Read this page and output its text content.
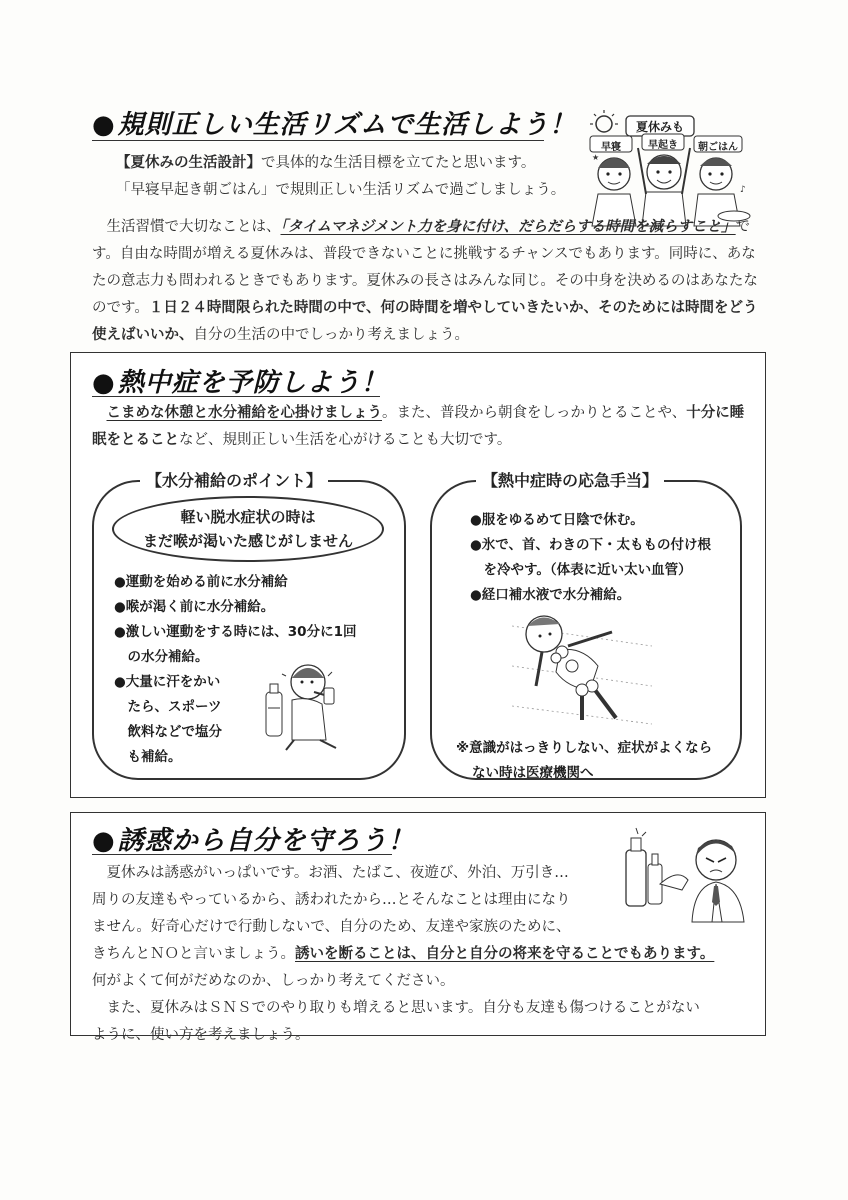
●規則正しい生活リズムで生活しよう！

【夏休みの生活設計】で具体的な生活目標を立てたと思います。

「早寝早起き朝ごはん」で規則正しい生活リズムで過ごしましょう。

★
♪
夏休みも
早寝	早起き	朝ごはん

生活習慣で大切なことは、「タイムマネジメント力を身に付け、だらだらする時間を減らすこと」です。自由な時間が増える夏休みは、普段できないことに挑戦するチャンスでもあります。同時に、あなたの意志力も問われるときでもあります。夏休みの長さはみんな同じ。その中身を決めるのはあなたなのです。１日２４時間限られた時間の中で、何の時間を増やしていきたいか、そのためには時間をどう使えばいいか、自分の生活の中でしっかり考えましょう。

●熱中症を予防しよう！

こまめな休憩と水分補給を心掛けましょう。また、普段から朝食をしっかりとることや、十分に睡眠をとることなど、規則正しい生活を心がけることも大切です。

【水分補給のポイント】
軽い脱水症状の時は
まだ喉が渇いた感じがしません
●運動を始める前に水分補給
●喉が渇く前に水分補給。
●激しい運動をする時には、30分に1回
　の水分補給。
●大量に汗をかい
　たら、スポーツ
　飲料などで塩分
　も補給。
【熱中症時の応急手当】
●服をゆるめて日陰で休む。
●氷で、首、わきの下・太ももの付け根
　を冷やす。（体表に近い太い血管）
●経口補水液で水分補給。
※意識がはっきりしない、症状がよくなら
ない時は医療機関へ
●誘惑から自分を守ろう！

夏休みは誘惑がいっぱいです。お酒、たばこ、夜遊び、外泊、万引き…

周りの友達もやっているから、誘われたから…とそんなことは理由になり

ません。好奇心だけで行動しないで、自分のため、友達や家族のために、

きちんとＮＯと言いましょう。誘いを断ることは、自分と自分の将来を守ることでもあります。

何がよくて何がだめなのか、しっかり考えてください。

また、夏休みはＳＮＳでのやり取りも増えると思います。自分も友達も傷つけることがない

ように、使い方を考えましょう。
